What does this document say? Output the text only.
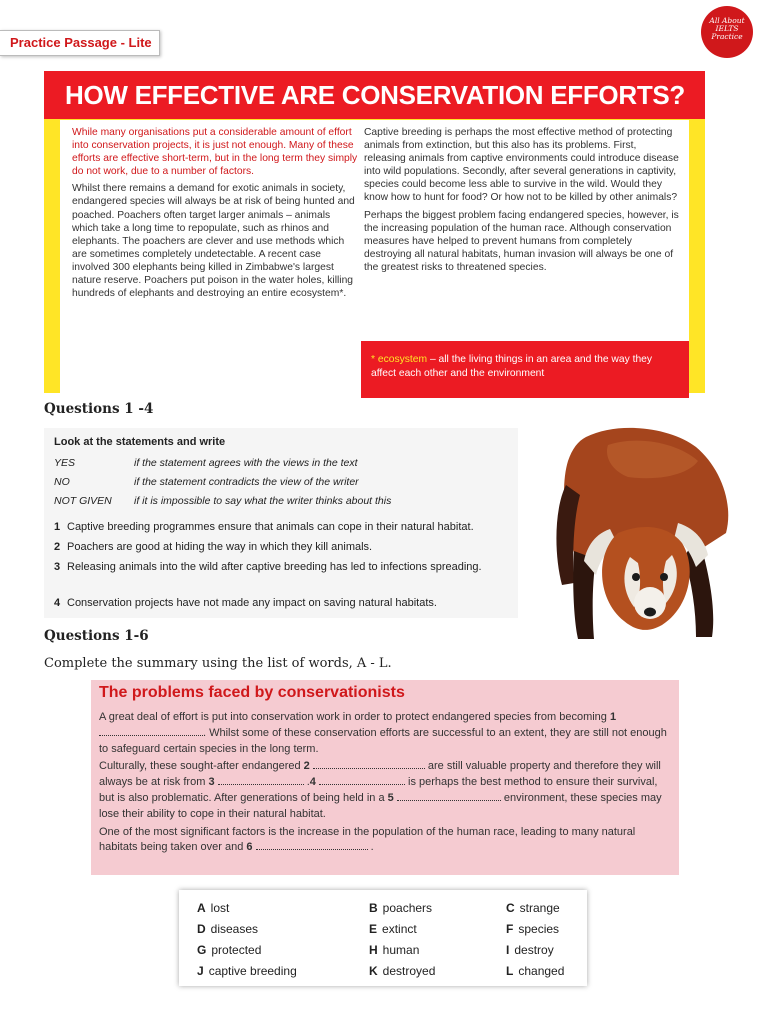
Practice Passage - Lite
All About
IELTS
Practice
HOW EFFECTIVE ARE CONSERVATION EFFORTS?

While many organisations put a considerable amount of effort into conservation projects, it is just not enough. Many of these efforts are effective short-term, but in the long term they simply do not work, due to a number of factors.

Whilst there remains a demand for exotic animals in society, endangered species will always be at risk of being hunted and poached. Poachers often target larger animals – animals which take a long time to repopulate, such as rhinos and elephants. The poachers are clever and use methods which are sometimes completely undetectable. A recent case involved 300 elephants being killed in Zimbabwe's largest nature reserve. Poachers put poison in the water holes, killing hundreds of elephants and destroying an entire ecosystem*.

Captive breeding is perhaps the most effective method of protecting animals from extinction, but this also has its problems. First, releasing animals from captive environments could introduce disease into wild populations. Secondly, after several generations in captivity, species could become less able to survive in the wild. Would they know how to hunt for food? Or how not to be killed by other animals?

Perhaps the biggest problem facing endangered species, however, is the increasing population of the human race. Although conservation measures have helped to prevent humans from completely destroying all natural habitats, human invasion will always be one of the greatest risks to threatened species.

* ecosystem – all the living things in an area and the way they affect each other and the environment
Questions 1 -4
Look at the statements and write
YES	if the statement agrees with the views in the text
NO	if the statement contradicts the view of the writer
NOT GIVEN	if it is impossible to say what the writer thinks about this
1 Captive breeding programmes ensure that animals can cope in their natural habitat.
2 Poachers are good at hiding the way in which they kill animals.
3 Releasing animals into the wild after captive breeding has led to infections spreading.
4 Conservation projects have not made any impact on saving natural habitats.
Questions 1-6
Complete the summary using the list of words, A - L.
The problems faced by conservationists

A great deal of effort is put into conservation work in order to protect endangered species from becoming 1 . Whilst some of these conservation efforts are successful to an extent, they are still not enough to safeguard certain species in the long term.

Culturally, these sought-after endangered 2	are still valuable property and therefore they will always be at risk from 3	.4	is perhaps the best method to ensure their survival, but is also problematic. After generations of being held in a 5	environment, these species may lose their ability to cope in their natural habitat.

One of the most significant factors is the increase in the population of the human race, leading to many natural habitats being taken over and 6	.

A lost	B poachers	C strange
D diseases	E extinct	F species
G protected	H human	I destroy
J captive breeding	K destroyed	L changed
